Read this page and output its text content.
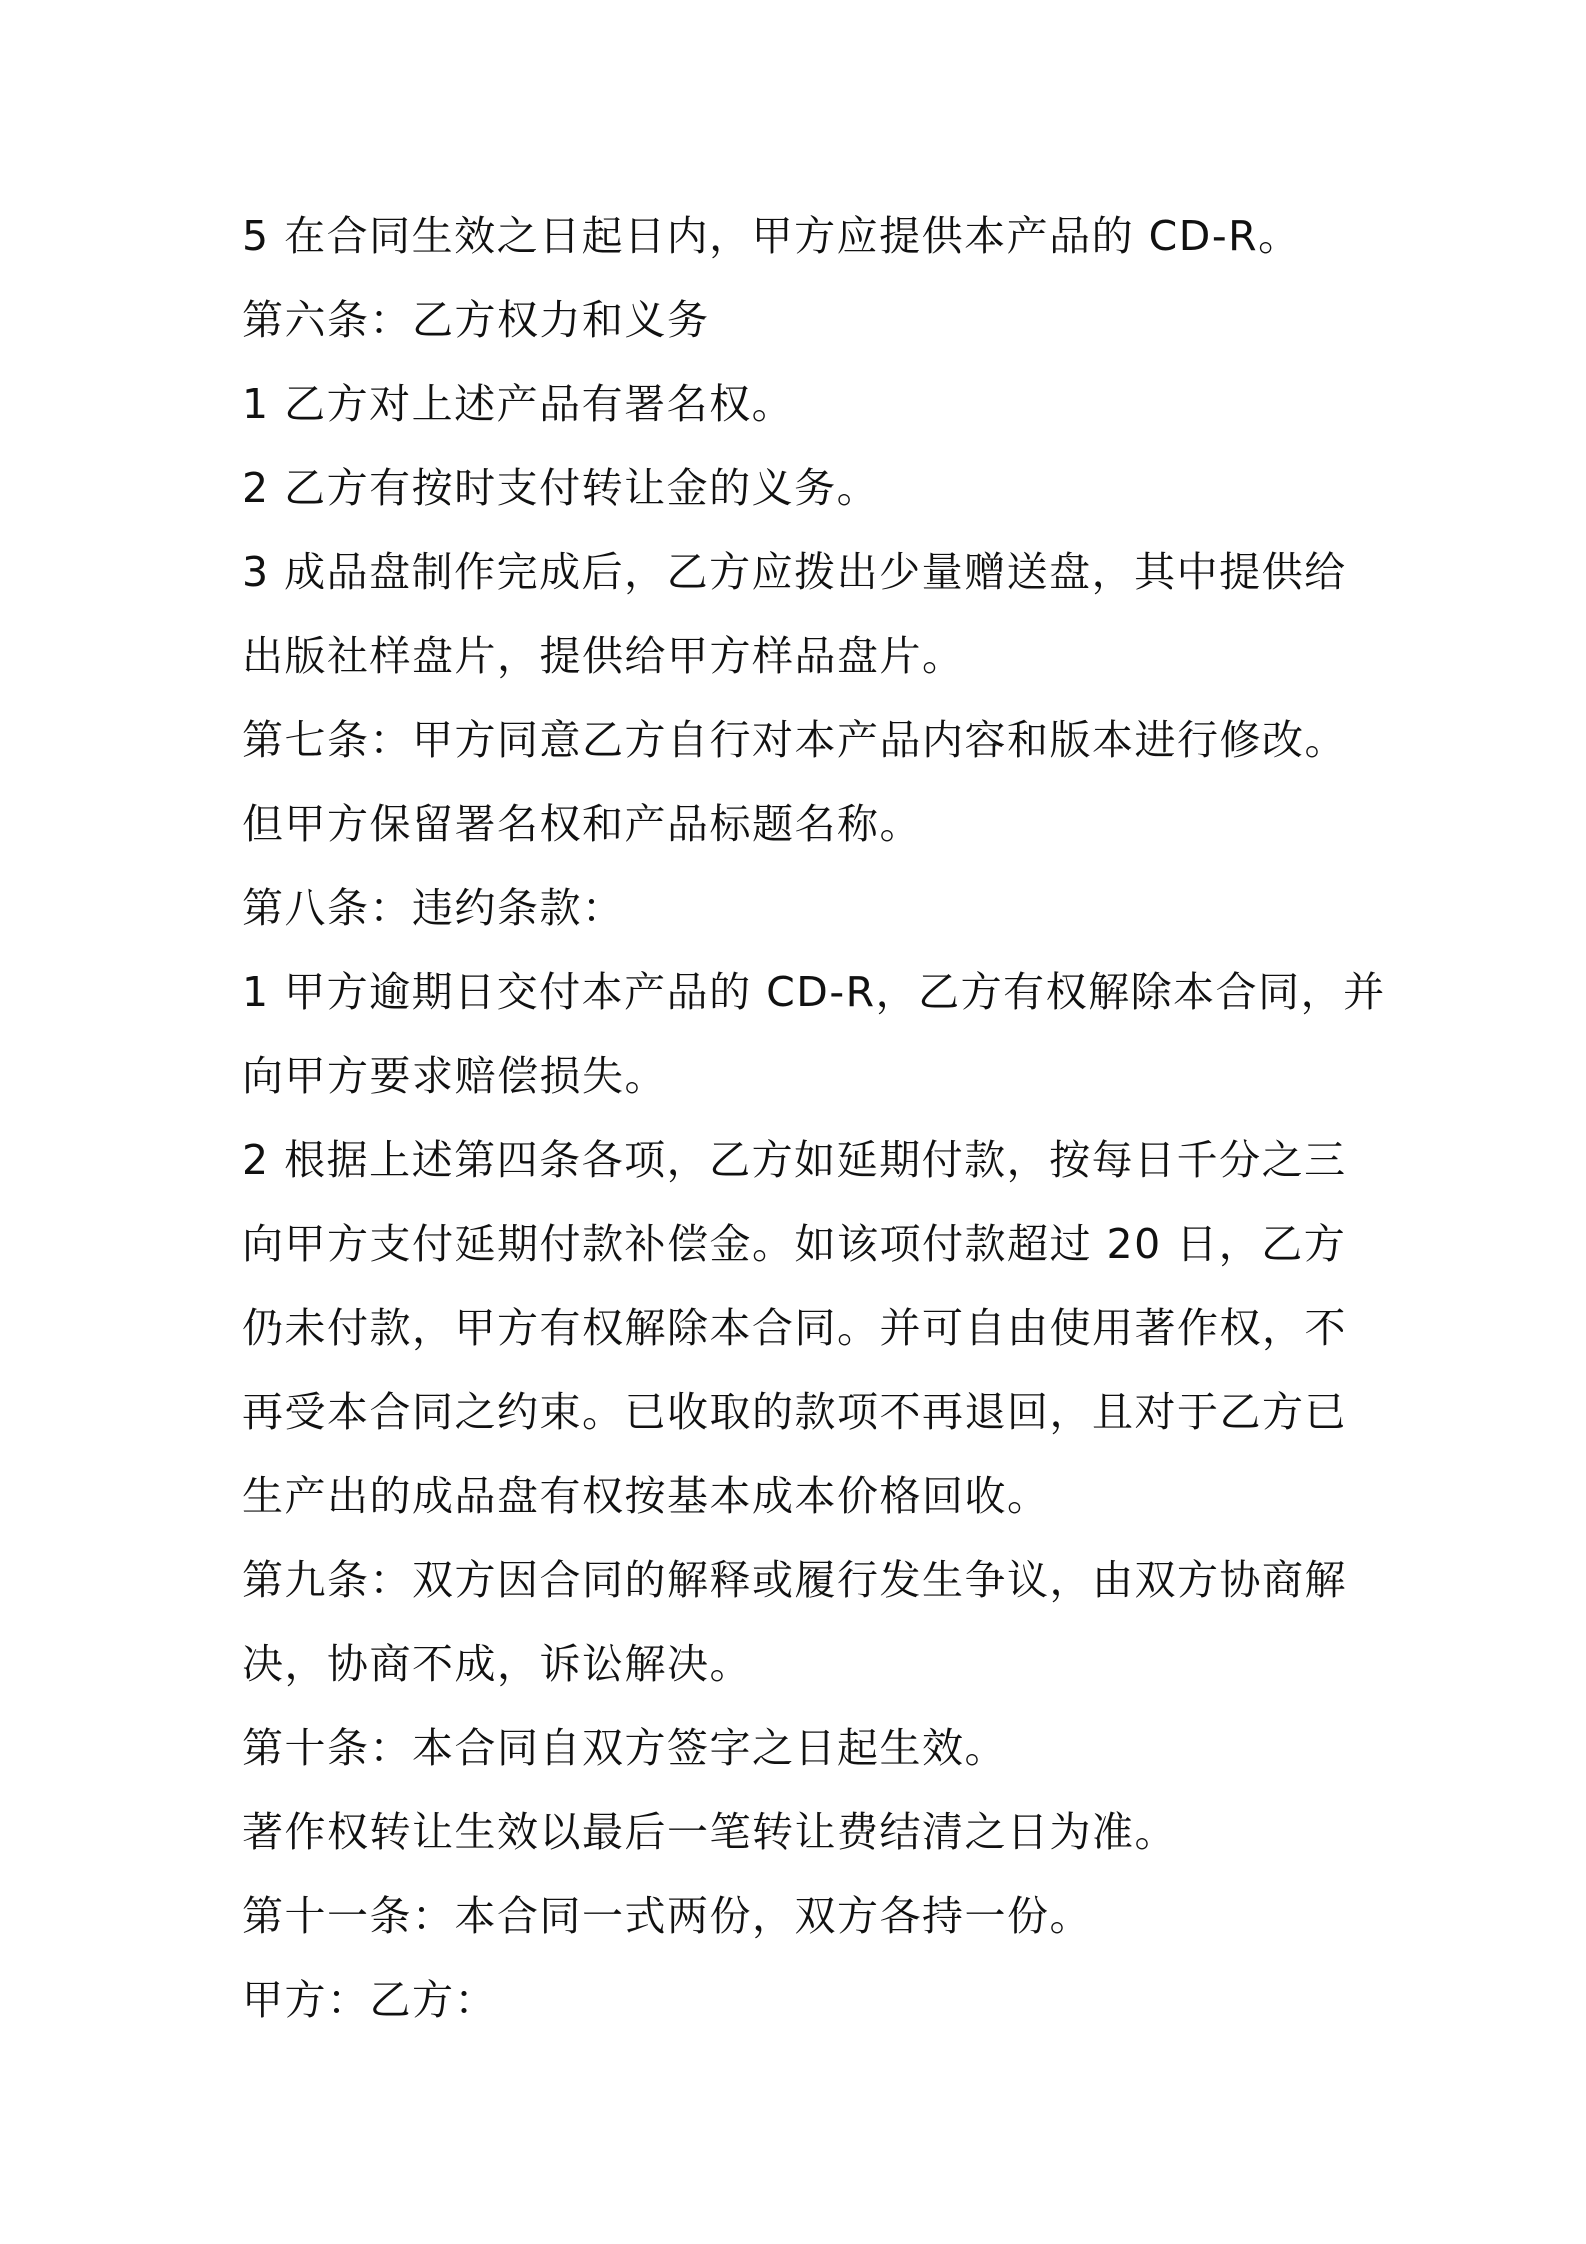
5 在合同生效之日起日内，甲方应提供本产品的 CD-R。

第六条：乙方权力和义务

1 乙方对上述产品有署名权。

2 乙方有按时支付转让金的义务。

3 成品盘制作完成后，乙方应拨出少量赠送盘，其中提供给

出版社样盘片，提供给甲方样品盘片。

第七条：甲方同意乙方自行对本产品内容和版本进行修改。

但甲方保留署名权和产品标题名称。

第八条：违约条款：

1 甲方逾期日交付本产品的 CD-R，乙方有权解除本合同，并

向甲方要求赔偿损失。

2 根据上述第四条各项，乙方如延期付款，按每日千分之三

向甲方支付延期付款补偿金。如该项付款超过 20 日，乙方

仍未付款，甲方有权解除本合同。并可自由使用著作权，不

再受本合同之约束。已收取的款项不再退回，且对于乙方已

生产出的成品盘有权按基本成本价格回收。

第九条：双方因合同的解释或履行发生争议，由双方协商解

决，协商不成，诉讼解决。

第十条：本合同自双方签字之日起生效。

著作权转让生效以最后一笔转让费结清之日为准。

第十一条：本合同一式两份，双方各持一份。

甲方：乙方：
